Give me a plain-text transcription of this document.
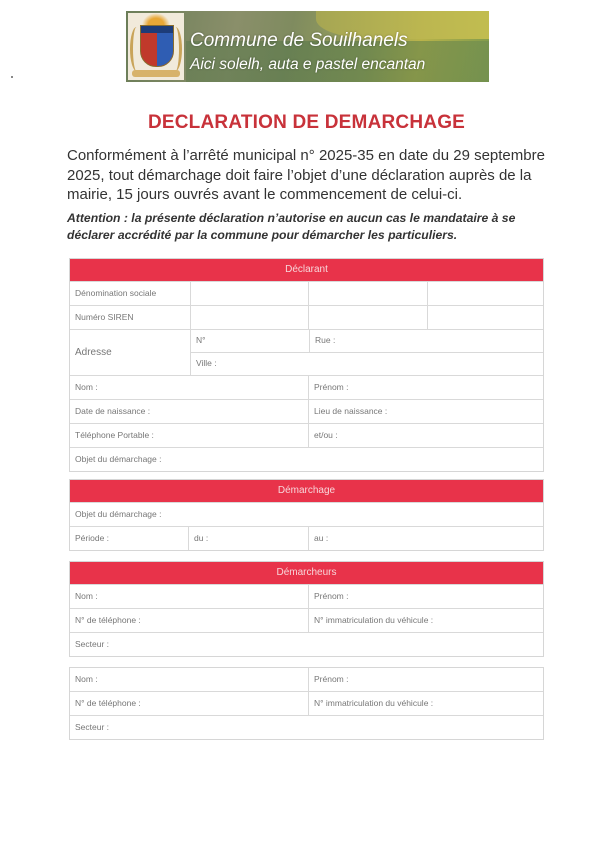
Commune de Souilhanels
Aici solelh, auta e pastel encantan
DECLARATION DE DEMARCHAGE
Conformément à l’arrêté municipal n° 2025-35 en date du 29 septembre 2025, tout démarchage doit faire l’objet d’une déclaration auprès de la mairie, 15 jours ouvrés avant le commencement de celui-ci.
Attention : la présente déclaration n’autorise en aucun cas le mandataire à se déclarer accrédité par la commune pour démarcher les particuliers.
Déclarant
Dénomination sociale
Numéro SIREN
Adresse
N°	Rue :
Ville :
Nom :	Prénom :
Date de naissance :	Lieu de naissance :
Téléphone Portable :	et/ou :
Objet du démarchage :
Démarchage
Objet du démarchage :
Période :	du :	au :
Démarcheurs
Nom :	Prénom :
N° de téléphone :	N° immatriculation du véhicule :
Secteur :
Nom :	Prénom :
N° de téléphone :	N° immatriculation du véhicule :
Secteur :
